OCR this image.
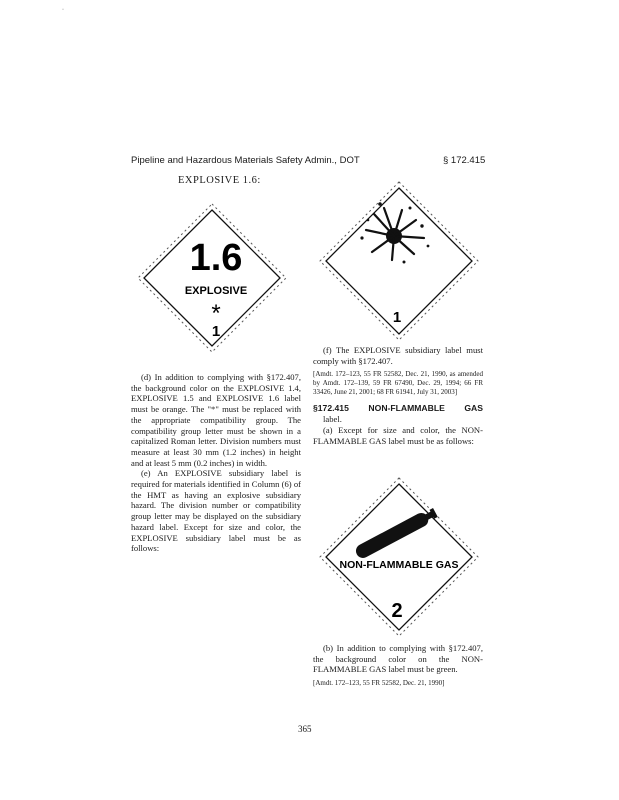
·
Pipeline and Hazardous Materials Safety Admin., DOT	§ 172.415
EXPLOSIVE 1.6:
1.6
EXPLOSIVE
*
1
1

(d) In addition to complying with §172.407, the background color on the EXPLOSIVE 1.4, EXPLOSIVE 1.5 and EXPLOSIVE 1.6 label must be orange. The "*" must be replaced with the appropriate compatibility group. The compatibility group letter must be shown in a capitalized Roman letter. Division numbers must measure at least 30 mm (1.2 inches) in height and at least 5 mm (0.2 inches) in width.

(e) An EXPLOSIVE subsidiary label is required for materials identified in Column (6) of the HMT as having an explosive subsidiary hazard. The division number or compatibility group letter may be displayed on the subsidiary hazard label. Except for size and color, the EXPLOSIVE subsidiary label must be as follows:

(f) The EXPLOSIVE subsidiary label must comply with §172.407.

[Amdt. 172–123, 55 FR 52582, Dec. 21, 1990, as amended by Amdt. 172–139, 59 FR 67490, Dec. 29, 1994; 66 FR 33426, June 21, 2001; 68 FR 61941, July 31, 2003]
§172.415 NON-FLAMMABLE GAS
label.

(a) Except for size and color, the NON-FLAMMABLE GAS label must be as follows:

NON-FLAMMABLE GAS
2

(b) In addition to complying with §172.407, the background color on the NON-FLAMMABLE GAS label must be green.

[Amdt. 172–123, 55 FR 52582, Dec. 21, 1990]
365
